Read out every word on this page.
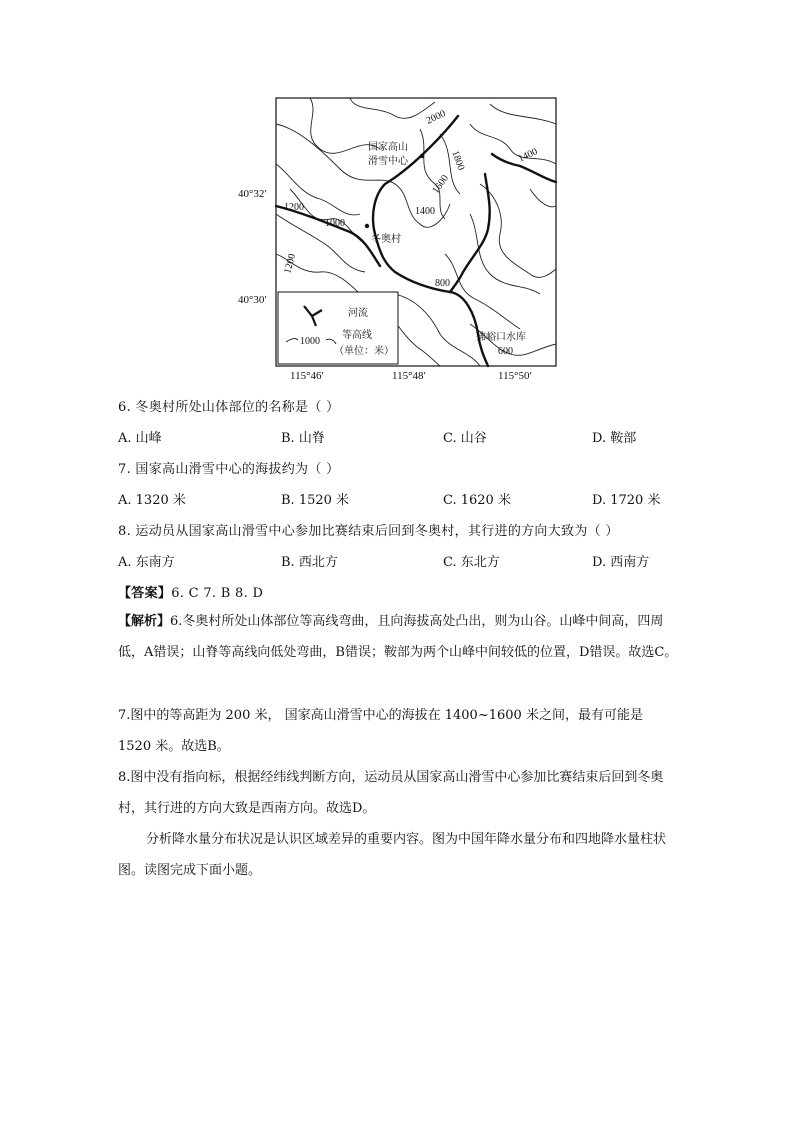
2000
1800
1600
1400
1400
1200
1000
1200
800
600
国家高山
滑雪中心
冬奥村
佛峪口水库
河流
1000
等高线
（单位：米）
40°32′
40°30′
115°46′	115°48′	115°50′
6. 冬奥村所处山体部位的名称是（ ）
A. 山峰	B. 山脊	C. 山谷	D. 鞍部
7. 国家高山滑雪中心的海拔约为（ ）
A. 1320 米	B. 1520 米	C. 1620 米	D. 1720 米
8. 运动员从国家高山滑雪中心参加比赛结束后回到冬奥村，其行进的方向大致为（ ）
A. 东南方	B. 西北方	C. 东北方	D. 西南方
【答案】6. C 7. B 8. D
【解析】6.冬奥村所处山体部位等高线弯曲，且向海拔高处凸出，则为山谷。山峰中间高，四周低，A错误；山脊等高线向低处弯曲，B错误；鞍部为两个山峰中间较低的位置，D错误。故选C。
7.图中的等高距为 200 米， 国家高山滑雪中心的海拔在 1400~1600 米之间，最有可能是 1520 米。故选B。
8.图中没有指向标，根据经纬线判断方向，运动员从国家高山滑雪中心参加比赛结束后回到冬奥村，其行进的方向大致是西南方向。故选D。
分析降水量分布状况是认识区域差异的重要内容。图为中国年降水量分布和四地降水量柱状图。读图完成下面小题。
